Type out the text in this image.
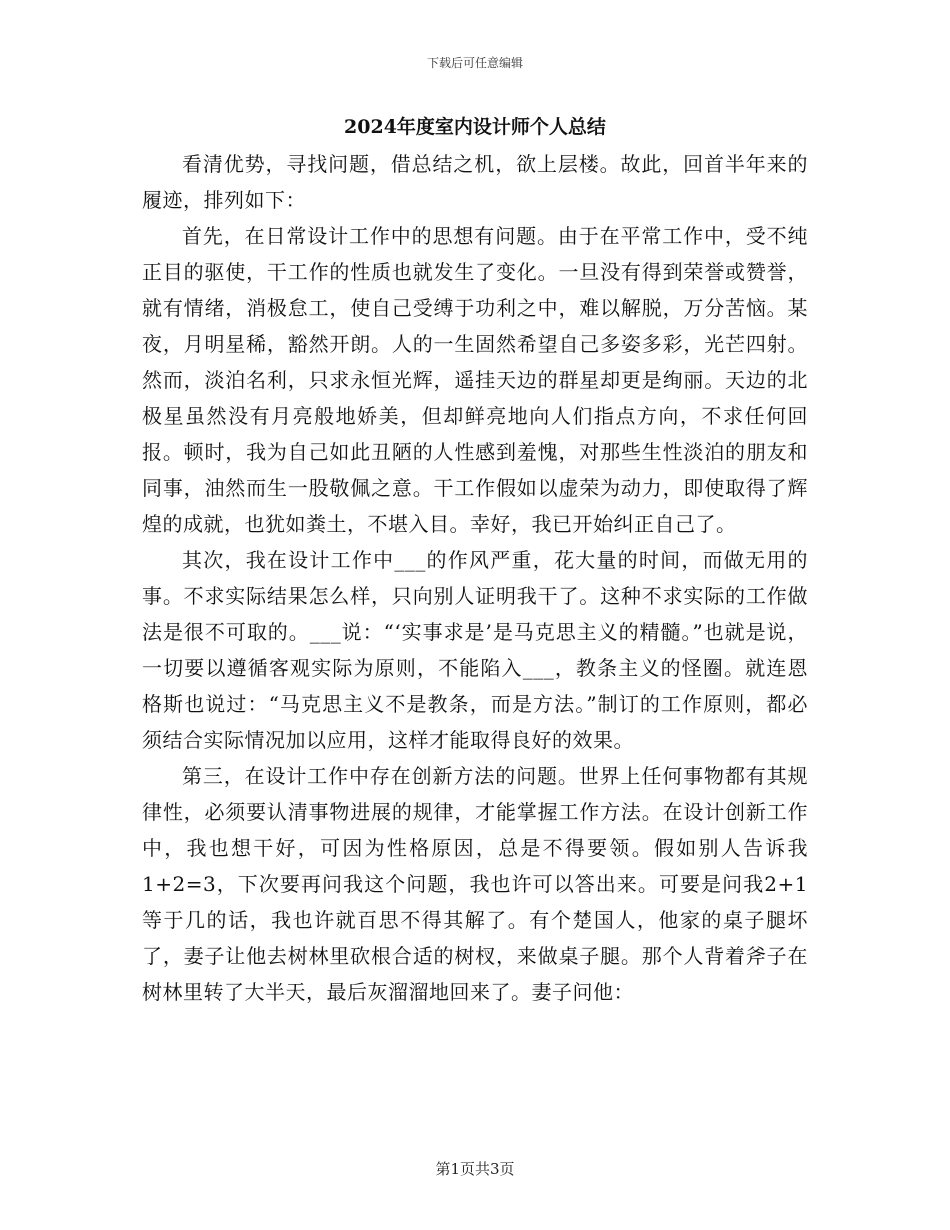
下载后可任意编辑
2024年度室内设计师个人总结

看清优势，寻找问题，借总结之机，欲上层楼。故此，回首半年来的履迹，排列如下：

首先，在日常设计工作中的思想有问题。由于在平常工作中，受不纯正目的驱使，干工作的性质也就发生了变化。一旦没有得到荣誉或赞誉，就有情绪，消极怠工，使自己受缚于功利之中，难以解脱，万分苦恼。某夜，月明星稀，豁然开朗。人的一生固然希望自己多姿多彩，光芒四射。然而，淡泊名利，只求永恒光辉，遥挂天边的群星却更是绚丽。天边的北极星虽然没有月亮般地娇美，但却鲜亮地向人们指点方向，不求任何回报。顿时，我为自己如此丑陋的人性感到羞愧，对那些生性淡泊的朋友和同事，油然而生一股敬佩之意。干工作假如以虚荣为动力，即使取得了辉煌的成就，也犹如粪土，不堪入目。幸好，我已开始纠正自己了。

其次，我在设计工作中___的作风严重，花大量的时间，而做无用的事。不求实际结果怎么样，只向别人证明我干了。这种不求实际的工作做法是很不可取的。___说：“‘实事求是’是马克思主义的精髓。”也就是说，一切要以遵循客观实际为原则，不能陷入___，教条主义的怪圈。就连恩格斯也说过：“马克思主义不是教条，而是方法。”制订的工作原则，都必须结合实际情况加以应用，这样才能取得良好的效果。

第三，在设计工作中存在创新方法的问题。世界上任何事物都有其规律性，必须要认清事物进展的规律，才能掌握工作方法。在设计创新工作中，我也想干好，可因为性格原因，总是不得要领。假如别人告诉我1+2=3，下次要再问我这个问题，我也许可以答出来。可要是问我2+1等于几的话，我也许就百思不得其解了。有个楚国人，他家的桌子腿坏了，妻子让他去树林里砍根合适的树杈，来做桌子腿。那个人背着斧子在树林里转了大半天，最后灰溜溜地回来了。妻子问他：

第1页共3页
